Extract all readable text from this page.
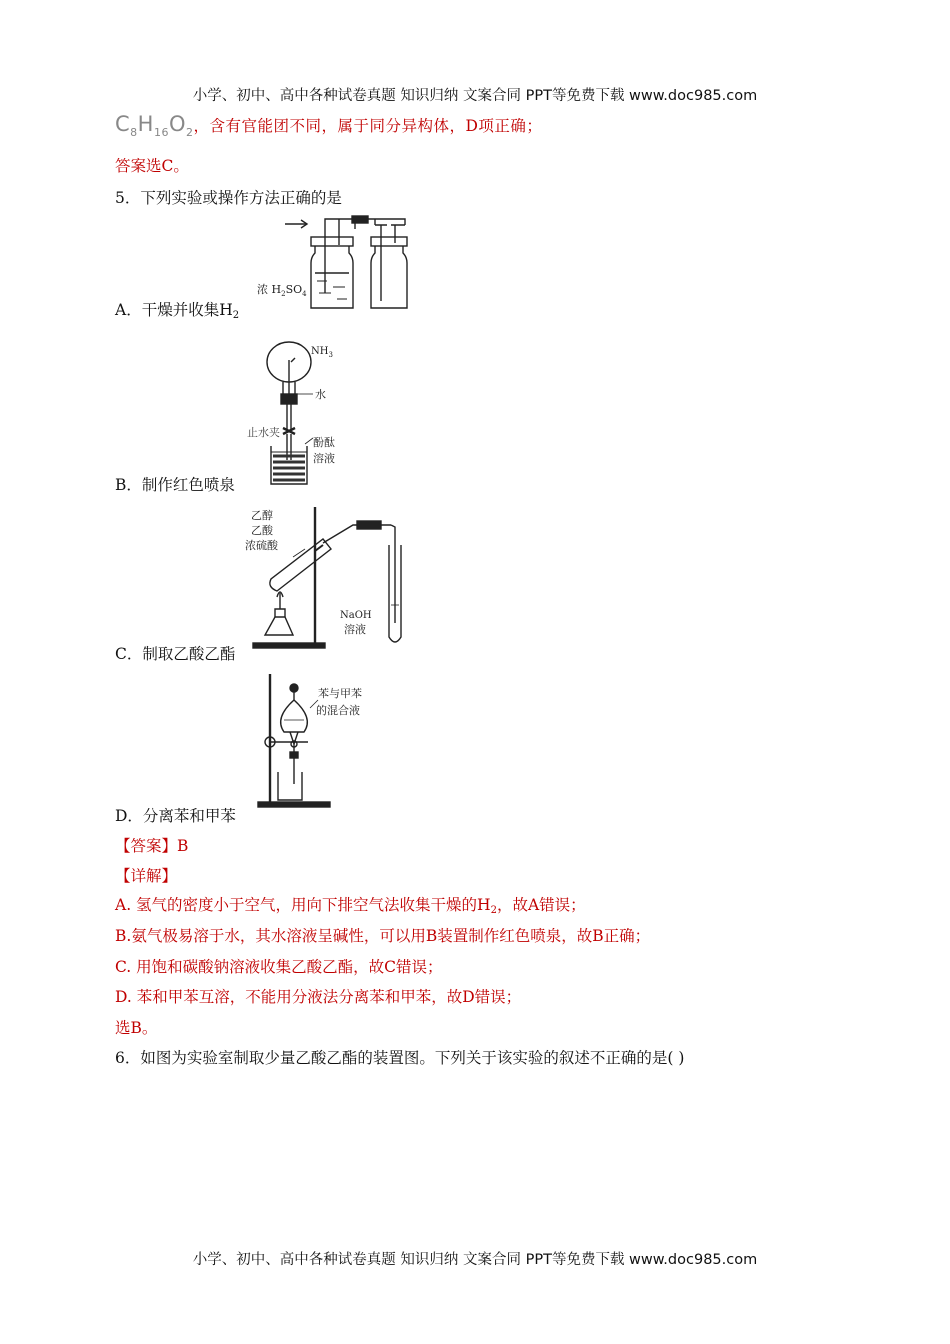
小学、初中、高中各种试卷真题 知识归纳 文案合同 PPT等免费下载 www.doc985.com
$C_8H_{16}O_2$，含有官能团不同，属于同分异构体，D项正确；
答案选C。
5．下列实验或操作方法正确的是
浓 $H_2SO_4$
A．干燥并收集$H_2$
$NH_3$
水
止水夹
酚酞
溶液
B．制作红色喷泉
乙醇
乙酸
浓硫酸
NaOH
溶液
C．制取乙酸乙酯
苯与甲苯
的混合液
D．分离苯和甲苯
【答案】B
【详解】
A. 氢气的密度小于空气，用向下排空气法收集干燥的$H_2$，故A错误；
B.氨气极易溶于水，其水溶液呈碱性，可以用B装置制作红色喷泉，故B正确；
C. 用饱和碳酸钠溶液收集乙酸乙酯，故C错误；
D. 苯和甲苯互溶，不能用分液法分离苯和甲苯，故D错误；
选B。
6．如图为实验室制取少量乙酸乙酯的装置图。下列关于该实验的叙述不正确的是( )
小学、初中、高中各种试卷真题 知识归纳 文案合同 PPT等免费下载 www.doc985.com
